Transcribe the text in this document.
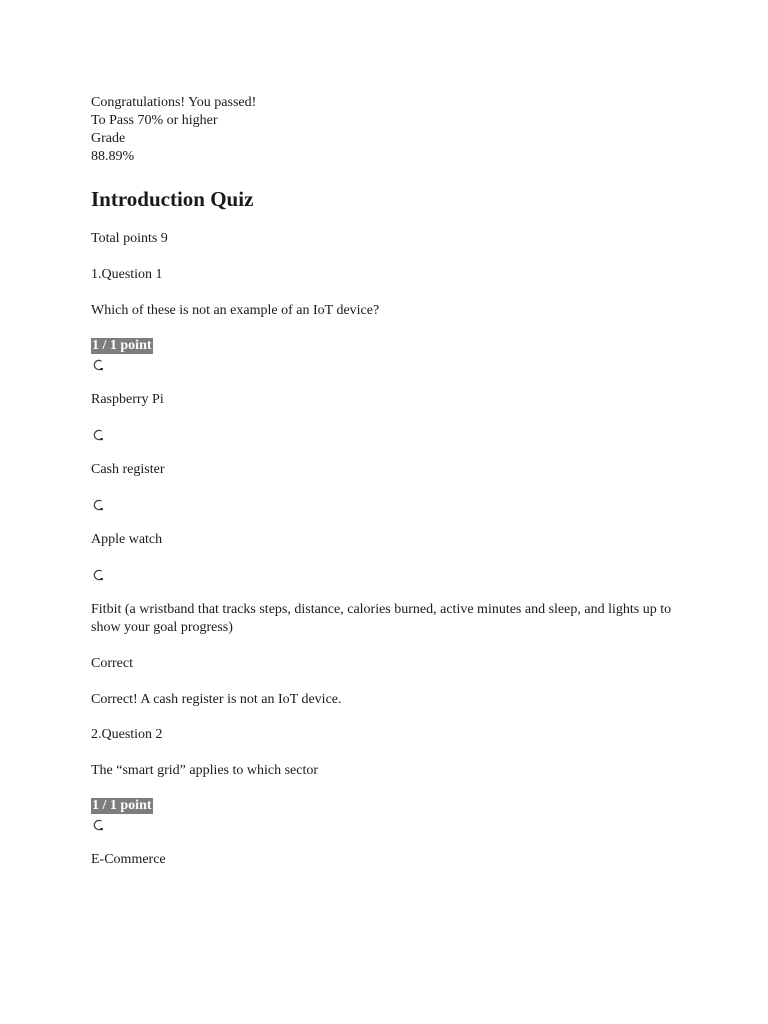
Congratulations! You passed!
To Pass 70% or higher
Grade
88.89%
Introduction Quiz

Total points 9

1.Question 1

Which of these is not an example of an IoT device?

1 / 1 point

Raspberry Pi

Cash register

Apple watch

Fitbit (a wristband that tracks steps, distance, calories burned, active minutes and sleep, and lights up to show your goal progress)

Correct

Correct! A cash register is not an IoT device.

2.Question 2

The “smart grid” applies to which sector

1 / 1 point

E-Commerce
